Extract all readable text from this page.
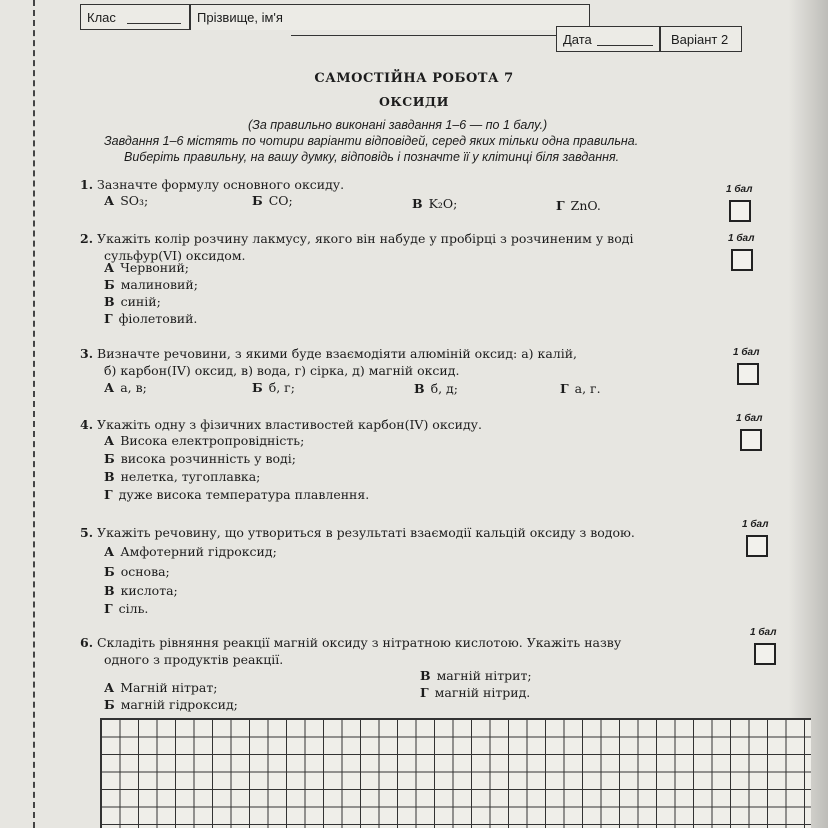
Клас	Прізвище, ім'я
Дата	Варіант 2
САМОСТІЙНА РОБОТА 7
ОКСИДИ
(За правильно виконані завдання 1–6 — по 1 балу.)
Завдання 1–6 містять по чотири варіанти відповідей, серед яких тільки одна правильна.
Виберіть правильну, на вашу думку, відповідь і позначте її у клітинці біля завдання.
1. Зазначте формулу основного оксиду.
А SO₃;	Б CO;	В K₂O;	Г ZnO.
1 бал
2. Укажіть колір розчину лакмусу, якого він набуде у пробірці з розчиненим у воді
сульфур(VI) оксидом.
А Червоний;
Б малиновий;
В синій;
Г фіолетовий.
1 бал
3. Визначте речовини, з якими буде взаємодіяти алюміній оксид: а) калій,
б) карбон(IV) оксид, в) вода, г) сірка, д) магній оксид.
А а, в;	Б б, г;	В б, д;	Г а, г.
1 бал
4. Укажіть одну з фізичних властивостей карбон(IV) оксиду.
А Висока електропровідність;
Б висока розчинність у воді;
В нелетка, тугоплавка;
Г дуже висока температура плавлення.
1 бал
5. Укажіть речовину, що утвориться в результаті взаємодії кальцій оксиду з водою.
А Амфотерний гідроксид;
Б основа;
В кислота;
Г сіль.
1 бал
6. Складіть рівняння реакції магній оксиду з нітратною кислотою. Укажіть назву
одного з продуктів реакції.
А Магній нітрат;
Б магній гідроксид;
В магній нітрит;
Г магній нітрид.
1 бал
